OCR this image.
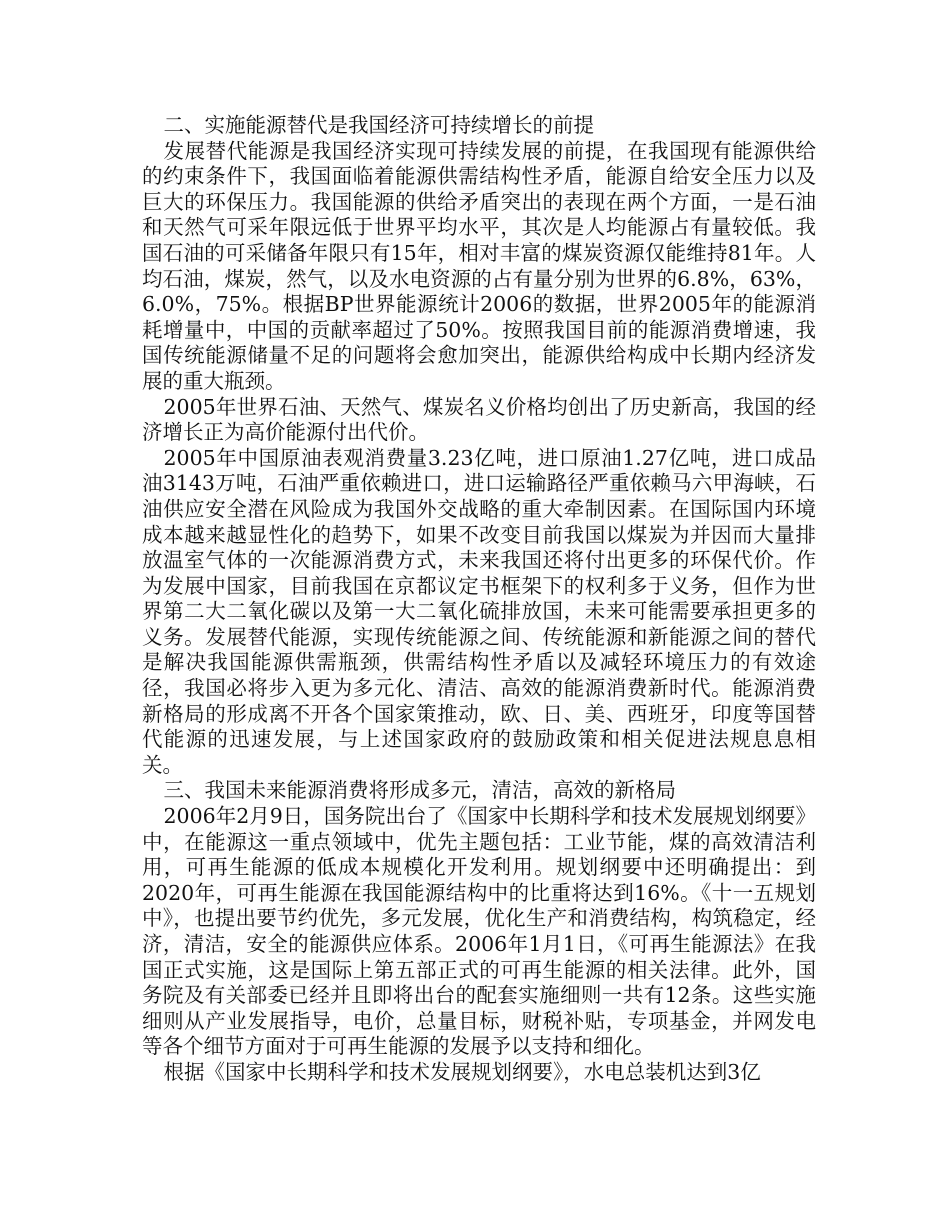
二、实施能源替代是我国经济可持续增长的前提

发展替代能源是我国经济实现可持续发展的前提，在我国现有能源供给的约束条件下，我国面临着能源供需结构性矛盾，能源自给安全压力以及巨大的环保压力。我国能源的供给矛盾突出的表现在两个方面，一是石油和天然气可采年限远低于世界平均水平，其次是人均能源占有量较低。我国石油的可采储备年限只有15年，相对丰富的煤炭资源仅能维持81年。人均石油，煤炭，然气，以及水电资源的占有量分别为世界的6.8%，63%，6.0%，75%。根据BP世界能源统计2006的数据，世界2005年的能源消耗增量中，中国的贡献率超过了50%。按照我国目前的能源消费增速，我国传统能源储量不足的问题将会愈加突出，能源供给构成中长期内经济发展的重大瓶颈。

2005年世界石油、天然气、煤炭名义价格均创出了历史新高，我国的经济增长正为高价能源付出代价。

2005年中国原油表观消费量3.23亿吨，进口原油1.27亿吨，进口成品油3143万吨，石油严重依赖进口，进口运输路径严重依赖马六甲海峡，石油供应安全潜在风险成为我国外交战略的重大牵制因素。在国际国内环境成本越来越显性化的趋势下，如果不改变目前我国以煤炭为并因而大量排放温室气体的一次能源消费方式，未来我国还将付出更多的环保代价。作为发展中国家，目前我国在京都议定书框架下的权利多于义务，但作为世界第二大二氧化碳以及第一大二氧化硫排放国，未来可能需要承担更多的义务。发展替代能源，实现传统能源之间、传统能源和新能源之间的替代是解决我国能源供需瓶颈，供需结构性矛盾以及减轻环境压力的有效途径，我国必将步入更为多元化、清洁、高效的能源消费新时代。能源消费新格局的形成离不开各个国家策推动，欧、日、美、西班牙，印度等国替代能源的迅速发展，与上述国家政府的鼓励政策和相关促进法规息息相关。

三、我国未来能源消费将形成多元，清洁，高效的新格局

2006年2月9日，国务院出台了《国家中长期科学和技术发展规划纲要》中，在能源这一重点领域中，优先主题包括：工业节能，煤的高效清洁利用，可再生能源的低成本规模化开发利用。规划纲要中还明确提出：到2020年，可再生能源在我国能源结构中的比重将达到16%。《十一五规划中》，也提出要节约优先，多元发展，优化生产和消费结构，构筑稳定，经济，清洁，安全的能源供应体系。2006年1月1日，《可再生能源法》在我国正式实施，这是国际上第五部正式的可再生能源的相关法律。此外，国务院及有关部委已经并且即将出台的配套实施细则一共有12条。这些实施细则从产业发展指导，电价，总量目标，财税补贴，专项基金，并网发电等各个细节方面对于可再生能源的发展予以支持和细化。

根据《国家中长期科学和技术发展规划纲要》，水电总装机达到3亿
